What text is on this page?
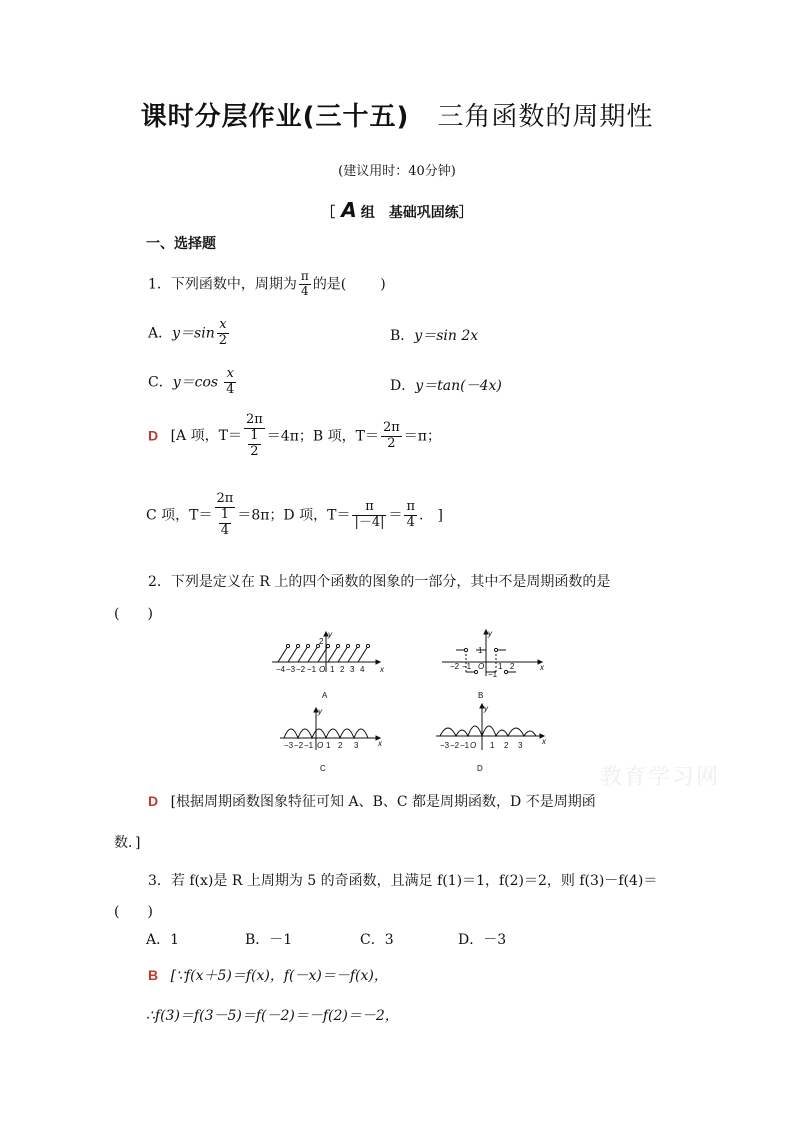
课时分层作业(三十五) 三角函数的周期性
(建议用时：40分钟)
［ A 组　基础巩固练］
一、选择题
1．下列函数中，周期为 $\frac{\pi}{4}$ 的是( )
A．$y=\sin \frac{x}{2}$	B．y＝sin 2x
C．$y=\cos \frac{x}{4}$	D．y＝tan(－4x)
D [A 项，$T= \frac{2\pi}{\frac{1}{2}} =4\pi$；B 项，$T= \frac{2\pi}{2} =\pi$；
C 项，$T= \frac{2\pi}{\frac{1}{4}} =8\pi$；D 项，$T= \frac{\pi}{|-4|} = \frac{\pi}{4}$ .　]
2．下列是定义在 R 上的四个函数的图象的一部分，其中不是周期函数的是
(　　)
−4 −3 −2 −1 O 1 2 3 4
2
y
x
A
−2 −1 O 1 2
1
−1
y
x
B
−3 −2 −1 O 1 2 3
y
x
C
−3 −2 −1 O 1 2 3
y
x
D
D [根据周期函数图象特征可知 A、B、C 都是周期函数，D 不是周期函
数．]
3．若 f(x)是 R 上周期为 5 的奇函数，且满足 f(1)＝1，f(2)＝2，则 f(3)－f(4)＝
(　　)
A．1	B．－1	C．3	D．－3
B [∵f(x＋5)＝f(x)，f(－x)＝－f(x)，
∴f(3)＝f(3－5)＝f(－2)＝－f(2)＝－2，
教育学习网
